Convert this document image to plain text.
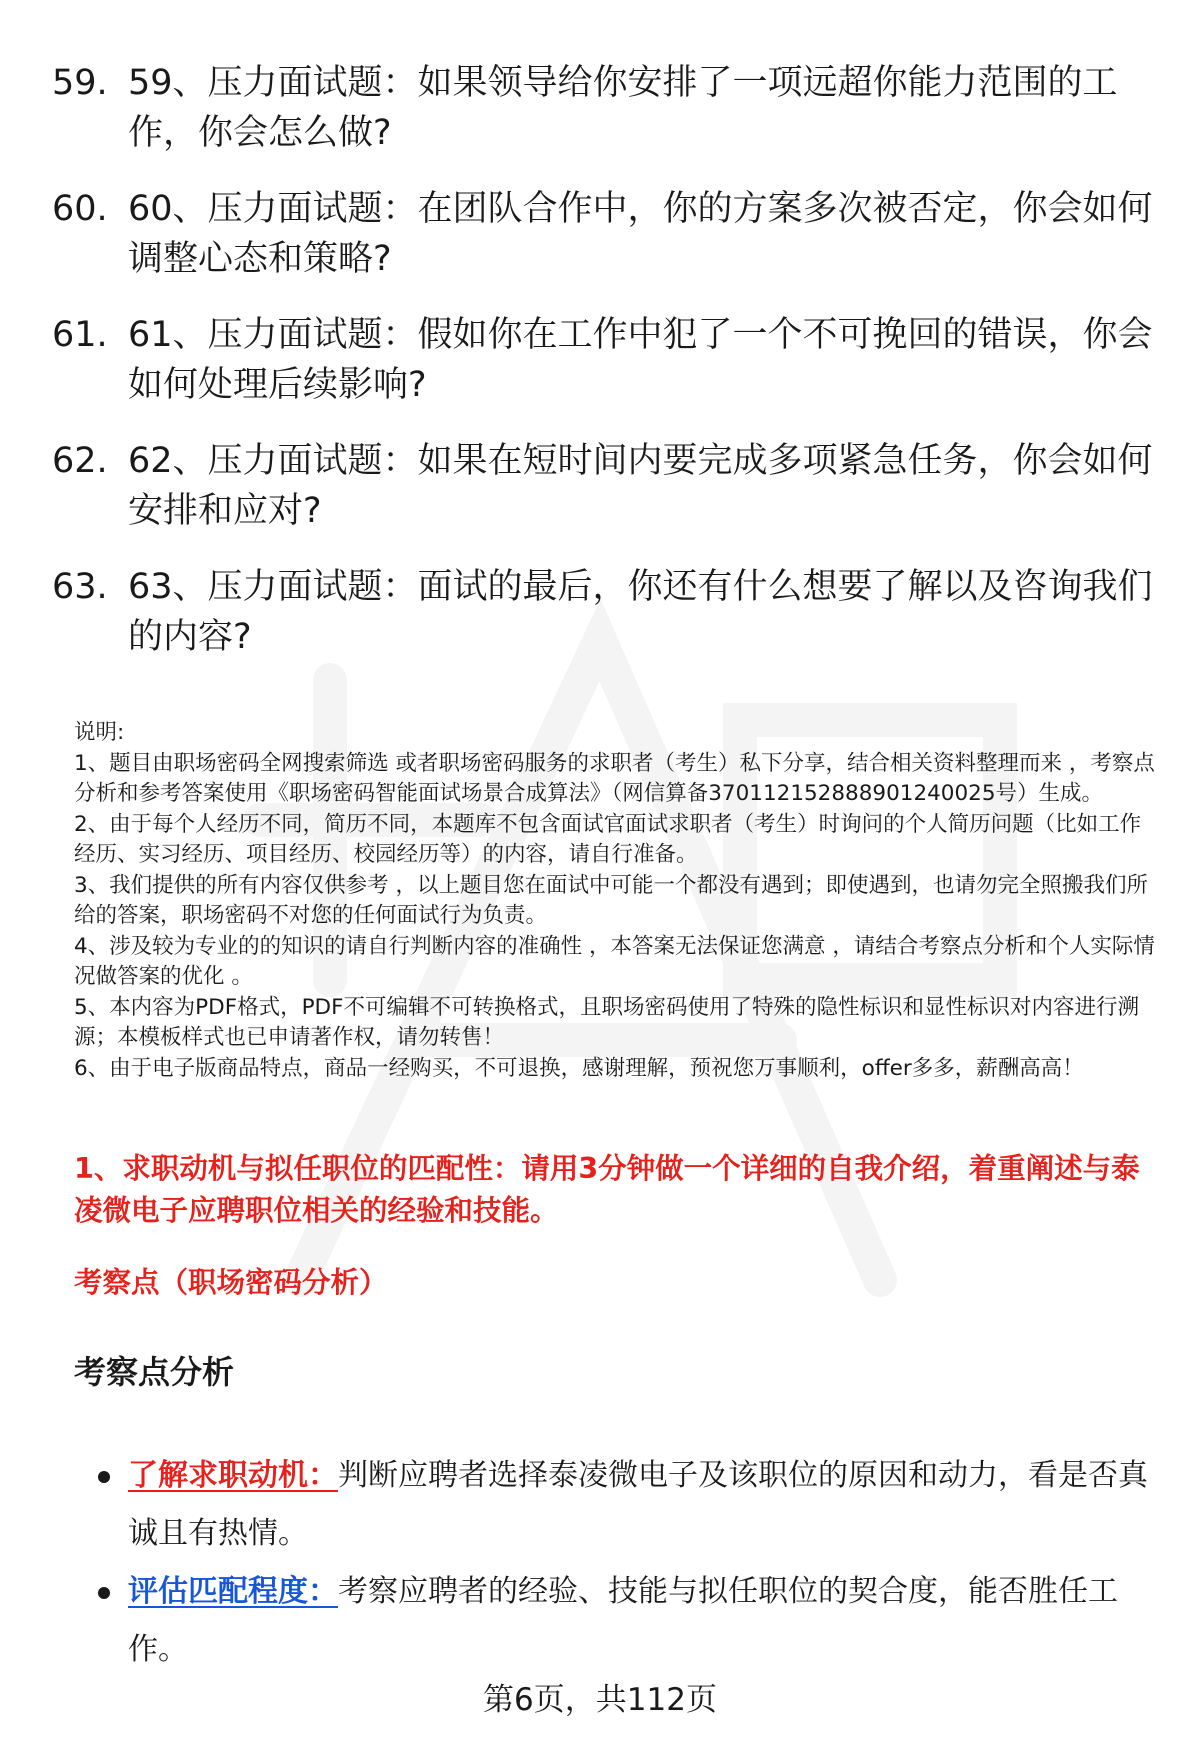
59. 59、压力面试题：如果领导给你安排了一项远超你能力范围的工作，你会怎么做?
60. 60、压力面试题：在团队合作中，你的方案多次被否定，你会如何调整心态和策略?
61. 61、压力面试题：假如你在工作中犯了一个不可挽回的错误，你会如何处理后续影响?
62. 62、压力面试题：如果在短时间内要完成多项紧急任务，你会如何安排和应对?
63. 63、压力面试题：面试的最后，你还有什么想要了解以及咨询我们的内容?

说明:

1、题目由职场密码全网搜索筛选 或者职场密码服务的求职者（考生）私下分享，结合相关资料整理而来 ，考察点分析和参考答案使用《职场密码智能面试场景合成算法》（网信算备370112152888901240025号）生成。

2、由于每个人经历不同，简历不同，本题库不包含面试官面试求职者（考生）时询问的个人简历问题（比如工作经历、实习经历、项目经历、校园经历等）的内容，请自行准备。

3、我们提供的所有内容仅供参考 ，以上题目您在面试中可能一个都没有遇到；即使遇到，也请勿完全照搬我们所给的答案，职场密码不对您的任何面试行为负责。

4、涉及较为专业的的知识的请自行判断内容的准确性 ，本答案无法保证您满意 ，请结合考察点分析和个人实际情况做答案的优化 。

5、本内容为PDF格式，PDF不可编辑不可转换格式，且职场密码使用了特殊的隐性标识和显性标识对内容进行溯源；本模板样式也已申请著作权，请勿转售！

6、由于电子版商品特点，商品一经购买，不可退换，感谢理解，预祝您万事顺利，offer多多，薪酬高高！

1、求职动机与拟任职位的匹配性：请用3分钟做一个详细的自我介绍，着重阐述与泰凌微电子应聘职位相关的经验和技能。
考察点（职场密码分析）
考察点分析
了解求职动机：判断应聘者选择泰凌微电子及该职位的原因和动力，看是否真诚且有热情。
评估匹配程度：考察应聘者的经验、技能与拟任职位的契合度，能否胜任工作。
第6页，共112页
